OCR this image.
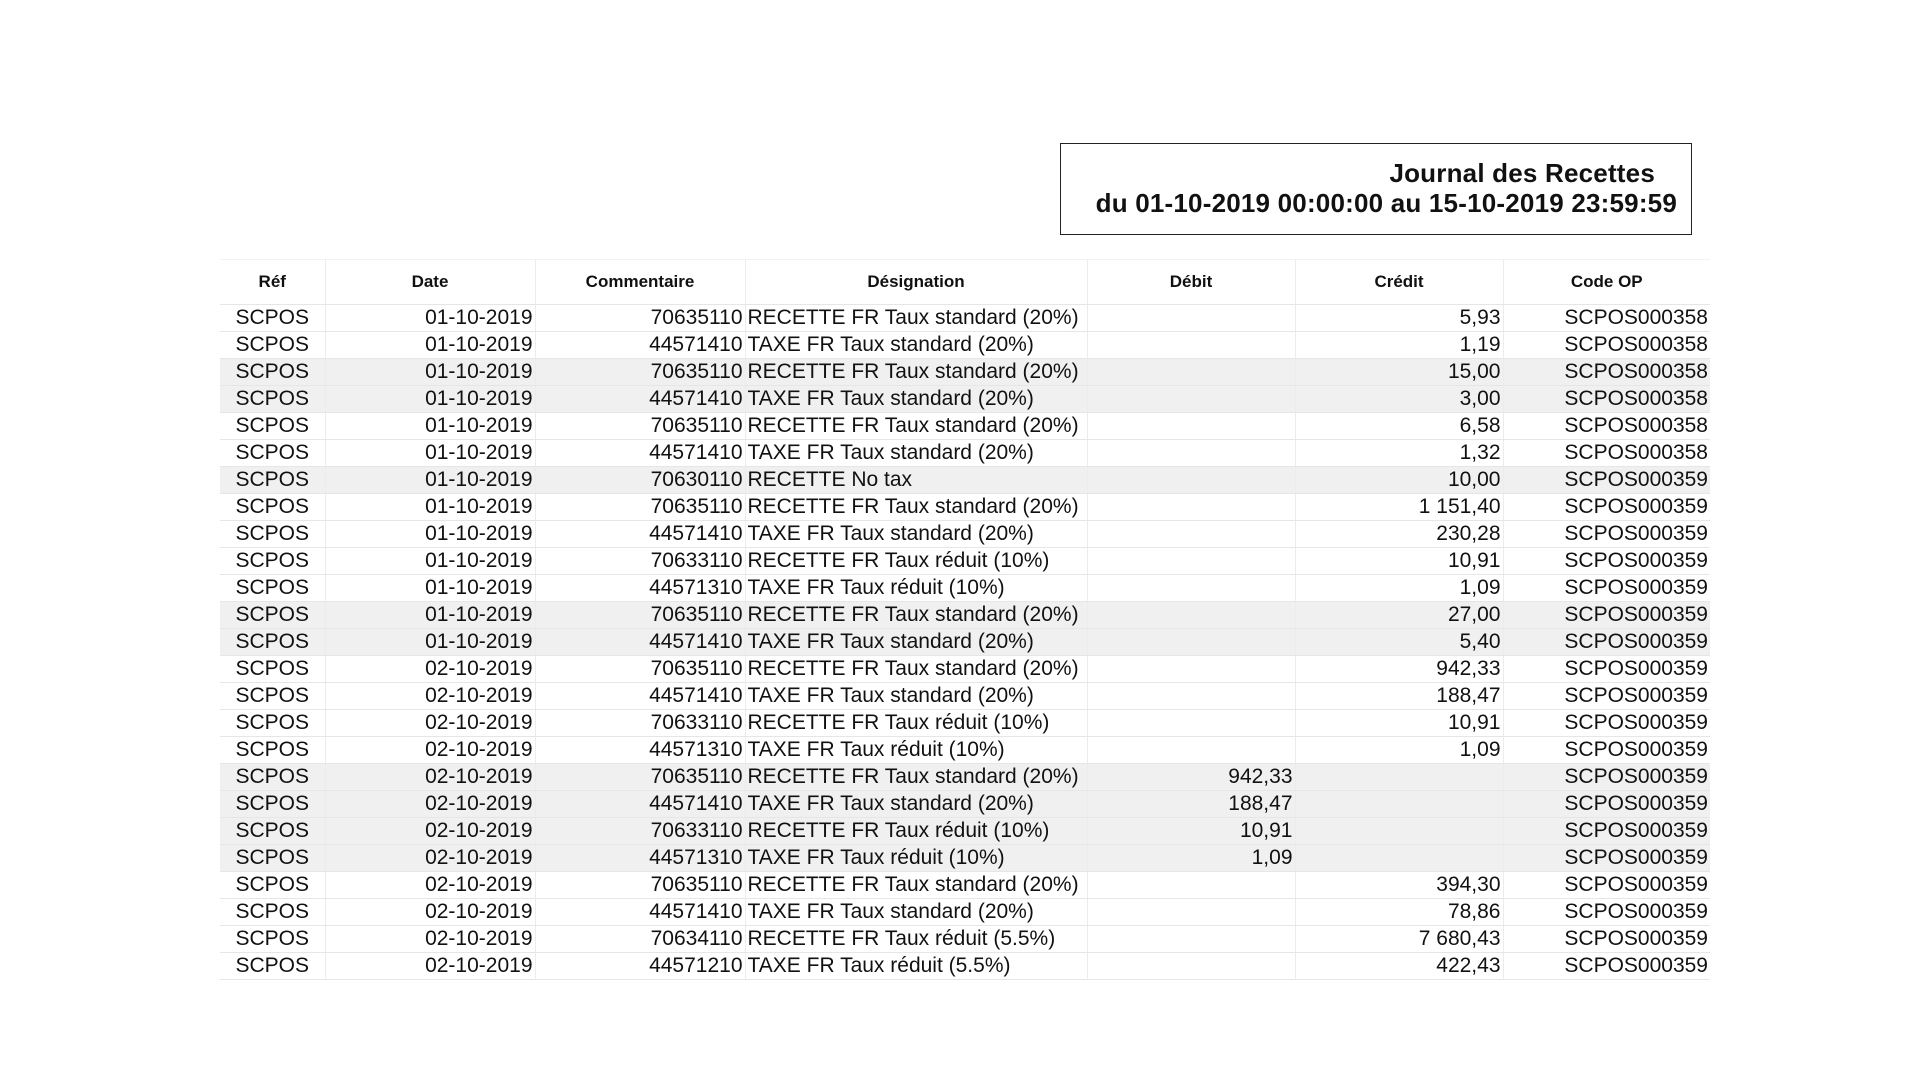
Journal des Recettes
du 01-10-2019 00:00:00 au 15-10-2019 23:59:59
Réf	Date	Commentaire	Désignation	Débit	Crédit	Code OP
SCPOS	01-10-2019	70635110	RECETTE FR Taux standard (20%)		5,93	SCPOS000358
SCPOS	01-10-2019	44571410	TAXE FR Taux standard (20%)		1,19	SCPOS000358
SCPOS	01-10-2019	70635110	RECETTE FR Taux standard (20%)		15,00	SCPOS000358
SCPOS	01-10-2019	44571410	TAXE FR Taux standard (20%)		3,00	SCPOS000358
SCPOS	01-10-2019	70635110	RECETTE FR Taux standard (20%)		6,58	SCPOS000358
SCPOS	01-10-2019	44571410	TAXE FR Taux standard (20%)		1,32	SCPOS000358
SCPOS	01-10-2019	70630110	RECETTE No tax		10,00	SCPOS000359
SCPOS	01-10-2019	70635110	RECETTE FR Taux standard (20%)		1 151,40	SCPOS000359
SCPOS	01-10-2019	44571410	TAXE FR Taux standard (20%)		230,28	SCPOS000359
SCPOS	01-10-2019	70633110	RECETTE FR Taux réduit (10%)		10,91	SCPOS000359
SCPOS	01-10-2019	44571310	TAXE FR Taux réduit (10%)		1,09	SCPOS000359
SCPOS	01-10-2019	70635110	RECETTE FR Taux standard (20%)		27,00	SCPOS000359
SCPOS	01-10-2019	44571410	TAXE FR Taux standard (20%)		5,40	SCPOS000359
SCPOS	02-10-2019	70635110	RECETTE FR Taux standard (20%)		942,33	SCPOS000359
SCPOS	02-10-2019	44571410	TAXE FR Taux standard (20%)		188,47	SCPOS000359
SCPOS	02-10-2019	70633110	RECETTE FR Taux réduit (10%)		10,91	SCPOS000359
SCPOS	02-10-2019	44571310	TAXE FR Taux réduit (10%)		1,09	SCPOS000359
SCPOS	02-10-2019	70635110	RECETTE FR Taux standard (20%)	942,33		SCPOS000359
SCPOS	02-10-2019	44571410	TAXE FR Taux standard (20%)	188,47		SCPOS000359
SCPOS	02-10-2019	70633110	RECETTE FR Taux réduit (10%)	10,91		SCPOS000359
SCPOS	02-10-2019	44571310	TAXE FR Taux réduit (10%)	1,09		SCPOS000359
SCPOS	02-10-2019	70635110	RECETTE FR Taux standard (20%)		394,30	SCPOS000359
SCPOS	02-10-2019	44571410	TAXE FR Taux standard (20%)		78,86	SCPOS000359
SCPOS	02-10-2019	70634110	RECETTE FR Taux réduit (5.5%)		7 680,43	SCPOS000359
SCPOS	02-10-2019	44571210	TAXE FR Taux réduit (5.5%)		422,43	SCPOS000359
